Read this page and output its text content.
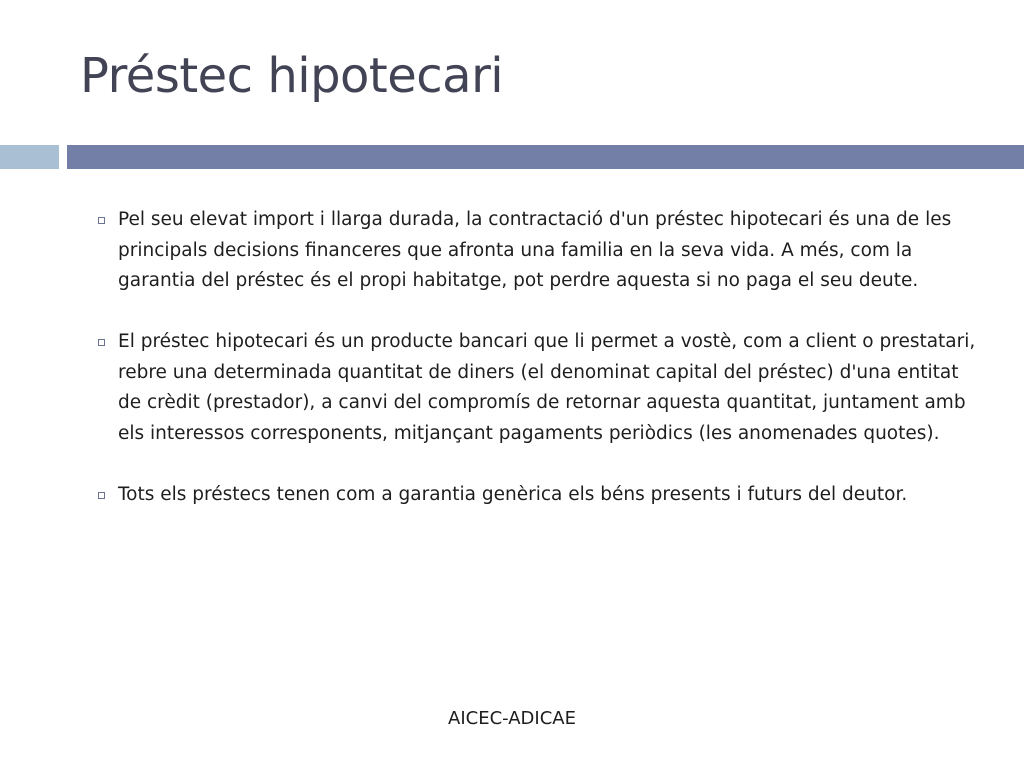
Préstec hipotecari
Pel seu elevat import i llarga durada, la contractació d'un préstec hipotecari és una de les principals decisions financeres que afronta una familia en la seva vida. A més, com la garantia del préstec és el propi habitatge, pot perdre aquesta si no paga el seu deute.
El préstec hipotecari és un producte bancari que li permet a vostè, com a client o prestatari, rebre una determinada quantitat de diners (el denominat capital del préstec) d'una entitat de crèdit (prestador), a canvi del compromís de retornar aquesta quantitat, juntament amb els interessos corresponents, mitjançant pagaments periòdics (les anomenades quotes).
Tots els préstecs tenen com a garantia genèrica els béns presents i futurs del deutor.
AICEC-ADICAE
